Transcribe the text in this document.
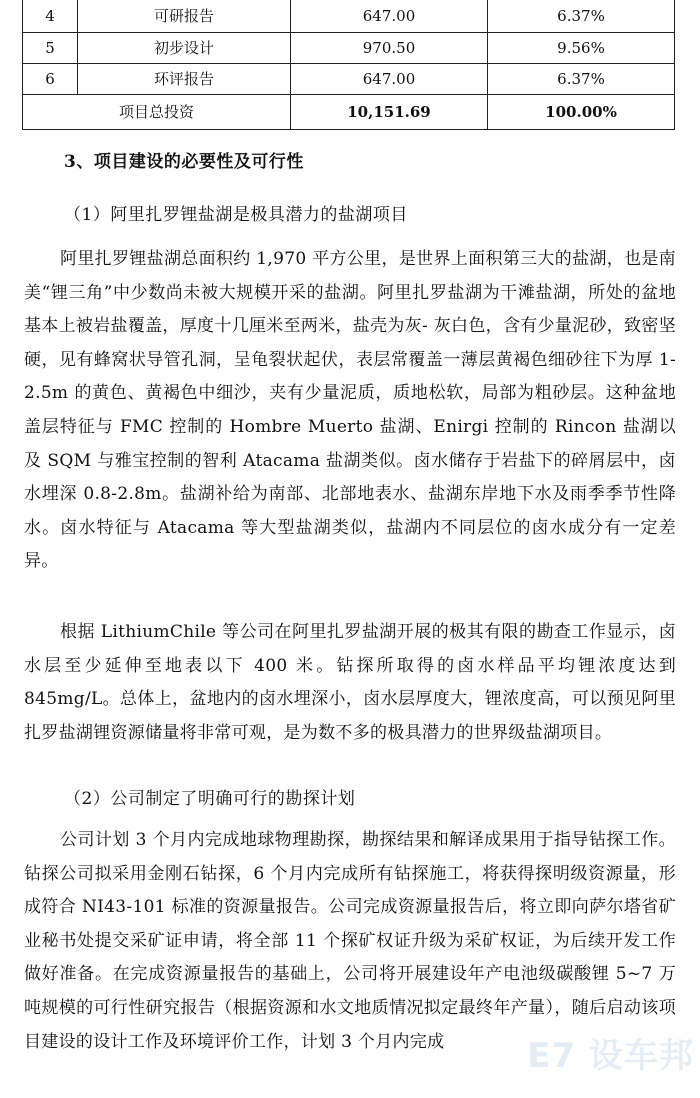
4	可研报告	647.00	6.37%
5	初步设计	970.50	9.56%
6	环评报告	647.00	6.37%
项目总投资		10,151.69	100.00%
3、项目建设的必要性及可行性
（1）阿里扎罗锂盐湖是极具潜力的盐湖项目

阿里扎罗锂盐湖总面积约 1,970 平方公里，是世界上面积第三大的盐湖，也是南美“锂三角”中少数尚未被大规模开采的盐湖。阿里扎罗盐湖为干滩盐湖，所处的盆地基本上被岩盐覆盖，厚度十几厘米至两米，盐壳为灰- 灰白色，含有少量泥砂，致密坚硬，见有蜂窝状导管孔洞，呈龟裂状起伏，表层常覆盖一薄层黄褐色细砂往下为厚 1-2.5m 的黄色、黄褐色中细沙，夹有少量泥质，质地松软，局部为粗砂层。这种盆地盖层特征与 FMC 控制的 Hombre Muerto 盐湖、Enirgi 控制的 Rincon 盐湖以及 SQM 与雅宝控制的智利 Atacama 盐湖类似。卤水储存于岩盐下的碎屑层中，卤水埋深 0.8-2.8m。盐湖补给为南部、北部地表水、盐湖东岸地下水及雨季季节性降水。卤水特征与 Atacama 等大型盐湖类似，盐湖内不同层位的卤水成分有一定差异。

根据 LithiumChile 等公司在阿里扎罗盐湖开展的极其有限的勘查工作显示，卤水层至少延伸至地表以下 400 米。钻探所取得的卤水样品平均锂浓度达到 845mg/L。总体上，盆地内的卤水埋深小，卤水层厚度大，锂浓度高，可以预见阿里扎罗盐湖锂资源储量将非常可观，是为数不多的极具潜力的世界级盐湖项目。

（2）公司制定了明确可行的勘探计划

公司计划 3 个月内完成地球物理勘探，勘探结果和解译成果用于指导钻探工作。钻探公司拟采用金刚石钻探，6 个月内完成所有钻探施工，将获得探明级资源量，形成符合 NI43-101 标准的资源量报告。公司完成资源量报告后，将立即向萨尔塔省矿业秘书处提交采矿证申请，将全部 11 个探矿权证升级为采矿权证，为后续开发工作做好准备。在完成资源量报告的基础上，公司将开展建设年产电池级碳酸锂 5~7 万吨规模的可行性研究报告（根据资源和水文地质情况拟定最终年产量），随后启动该项目建设的设计工作及环境评价工作，计划 3 个月内完成	E7 设车邦
